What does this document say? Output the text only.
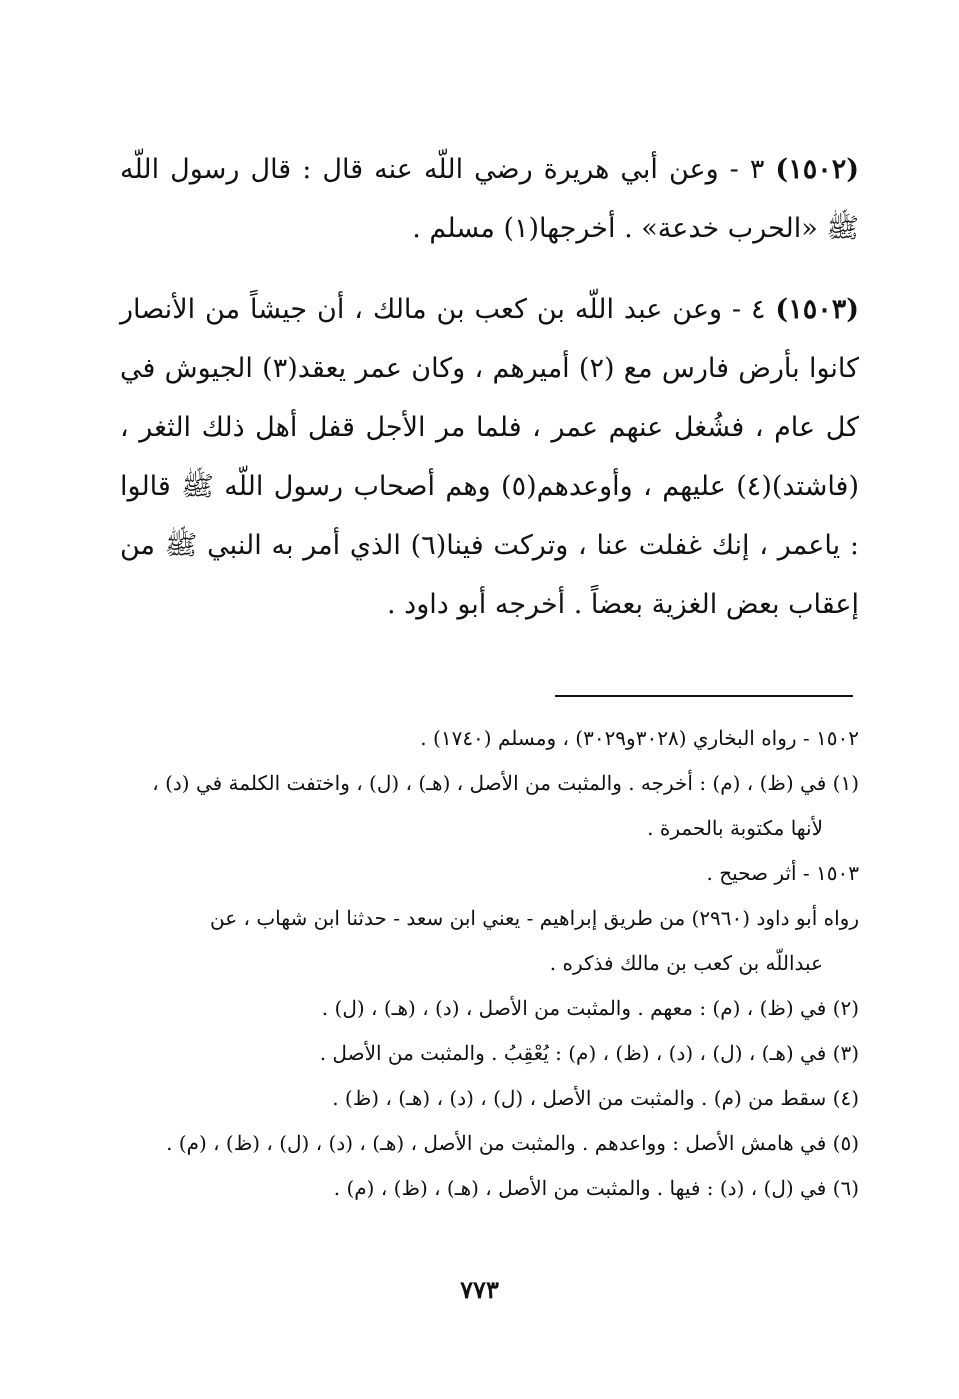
(١٥٠٢) ٣ - وعن أبي هريرة رضي اللّه عنه قال : قال رسول اللّه ﷺ «الحرب خدعة» . أخرجها(١) مسلم .

(١٥٠٣) ٤ - وعن عبد اللّه بن كعب بن مالك ، أن جيشاً من الأنصار كانوا بأرض فارس مع (٢) أميرهم ، وكان عمر يعقد(٣) الجيوش في كل عام ، فشُغل عنهم عمر ، فلما مر الأجل قفل أهل ذلك الثغر ، (فاشتد)(٤) عليهم ، وأوعدهم(٥) وهم أصحاب رسول اللّه ﷺ قالوا : ياعمر ، إنك غفلت عنا ، وتركت فينا(٦) الذي أمر به النبي ﷺ من إعقاب بعض الغزية بعضاً . أخرجه أبو داود .

١٥٠٢ - رواه البخاري (٣٠٢٨و٣٠٢٩) ، ومسلم (١٧٤٠) .

(١) في (ظ) ، (م) : أخرجه . والمثبت من الأصل ، (هـ) ، (ل) ، واختفت الكلمة في (د) ،
لأنها مكتوبة بالحمرة .

١٥٠٣ - أثر صحيح .

رواه أبو داود (٢٩٦٠) من طريق إبراهيم - يعني ابن سعد - حدثنا ابن شهاب ، عن
عبداللّه بن كعب بن مالك فذكره .

(٢) في (ظ) ، (م) : معهم . والمثبت من الأصل ، (د) ، (هـ) ، (ل) .

(٣) في (هـ) ، (ل) ، (د) ، (ظ) ، (م) : يُعْقِبُ . والمثبت من الأصل .

(٤) سقط من (م) . والمثبت من الأصل ، (ل) ، (د) ، (هـ) ، (ظ) .

(٥) في هامش الأصل : وواعدهم . والمثبت من الأصل ، (هـ) ، (د) ، (ل) ، (ظ) ، (م) .

(٦) في (ل) ، (د) : فيها . والمثبت من الأصل ، (هـ) ، (ظ) ، (م) .

٧٧٣
